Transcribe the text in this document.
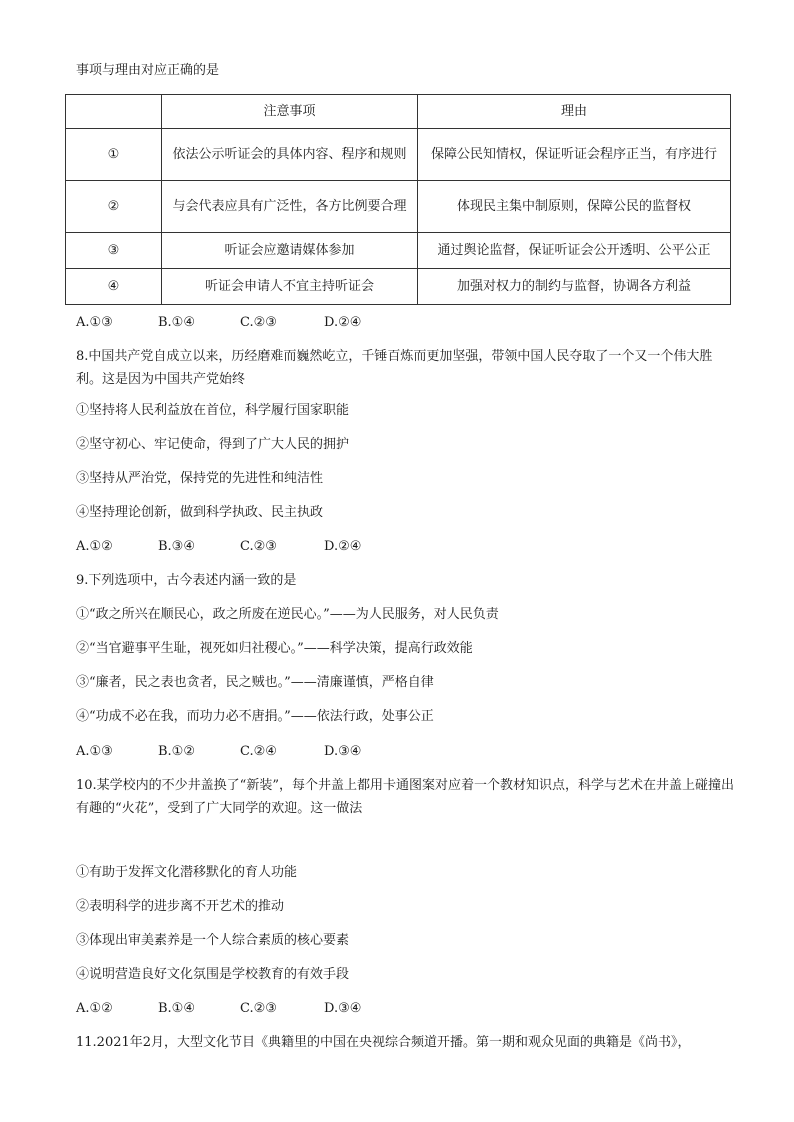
事项与理由对应正确的是
	注意事项	理由
①	依法公示听证会的具体内容、程序和规则	保障公民知情权，保证听证会程序正当，有序进行
②	与会代表应具有广泛性，各方比例要合理	体现民主集中制原则，保障公民的监督权
③	听证会应邀请媒体参加	通过舆论监督，保证听证会公开透明、公平公正
④	听证会申请人不宜主持听证会	加强对权力的制约与监督，协调各方利益
A.①③	B.①④	C.②③	D.②④
8.中国共产党自成立以来，历经磨难而巍然屹立，千锤百炼而更加坚强，带领中国人民夺取了一个又一个伟大胜利。这是因为中国共产党始终
①坚持将人民利益放在首位，科学履行国家职能
②坚守初心、牢记使命，得到了广大人民的拥护
③坚持从严治党，保持党的先进性和纯洁性
④坚持理论创新，做到科学执政、民主执政
A.①②	B.③④	C.②③	D.②④
9.下列选项中，古今表述内涵一致的是
①“政之所兴在顺民心，政之所废在逆民心。”——为人民服务，对人民负责
②“当官避事平生耻，视死如归社稷心。”——科学决策，提高行政效能
③“廉者，民之表也贪者，民之贼也。”——清廉谨慎，严格自律
④“功成不必在我，而功力必不唐捐。”——依法行政，处事公正
A.①③	B.①②	C.②④	D.③④
10.某学校内的不少井盖换了“新装”，每个井盖上都用卡通图案对应着一个教材知识点，科学与艺术在井盖上碰撞出有趣的“火花”，受到了广大同学的欢迎。这一做法
①有助于发挥文化潜移默化的育人功能
②表明科学的进步离不开艺术的推动
③体现出审美素养是一个人综合素质的核心要素
④说明营造良好文化氛围是学校教育的有效手段
A.①②	B.①④	C.②③	D.③④
11.2021年2月，大型文化节目《典籍里的中国在央视综合频道开播。第一期和观众见面的典籍是《尚书》，
